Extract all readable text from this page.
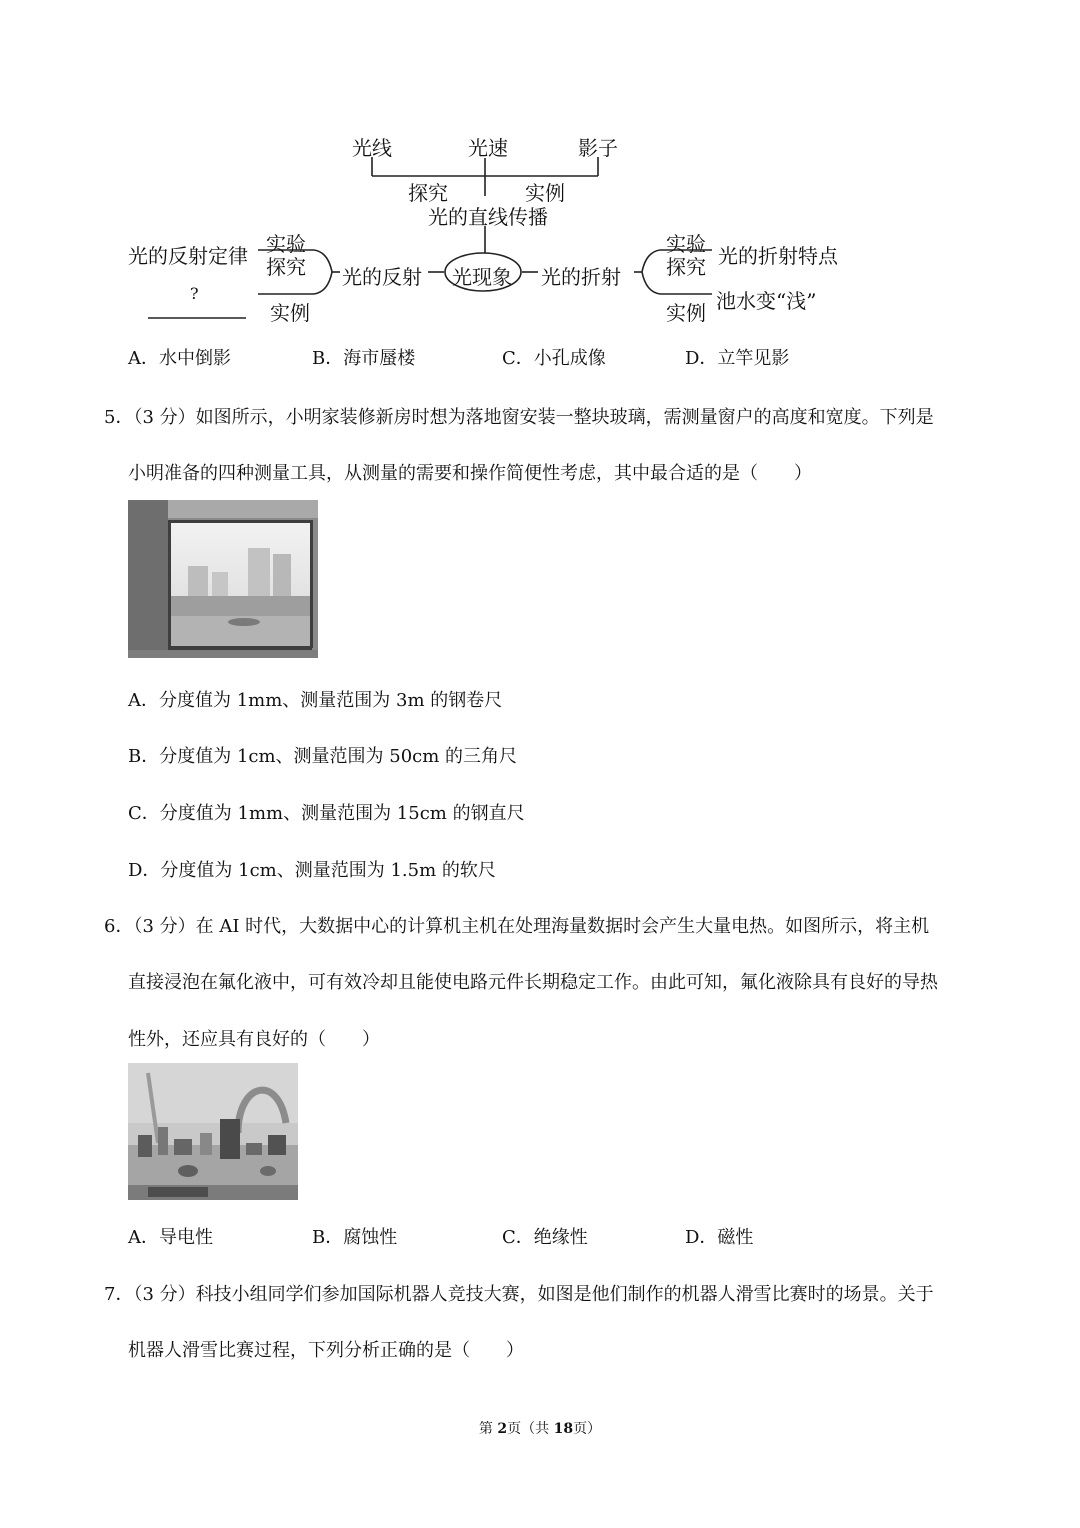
光线	光速	影子
探究	实例
光的直线传播
光的反射定律 实验
探究 光的反射 光现象 光的折射
?
实例
实验
探究 光的折射特点
实例 池水变“浅”
A．水中倒影	B．海市蜃楼	C．小孔成像	D．立竿见影
5．（3 分）如图所示，小明家装修新房时想为落地窗安装一整块玻璃，需测量窗户的高度和宽度。下列是
小明准备的四种测量工具，从测量的需要和操作简便性考虑，其中最合适的是（　　）
A．分度值为 1mm、测量范围为 3m 的钢卷尺
B．分度值为 1cm、测量范围为 50cm 的三角尺
C．分度值为 1mm、测量范围为 15cm 的钢直尺
D．分度值为 1cm、测量范围为 1.5m 的软尺
6．（3 分）在 AI 时代，大数据中心的计算机主机在处理海量数据时会产生大量电热。如图所示，将主机
直接浸泡在氟化液中，可有效冷却且能使电路元件长期稳定工作。由此可知，氟化液除具有良好的导热
性外，还应具有良好的（　　）
A．导电性	B．腐蚀性	C．绝缘性	D．磁性
7．（3 分）科技小组同学们参加国际机器人竞技大赛，如图是他们制作的机器人滑雪比赛时的场景。关于
机器人滑雪比赛过程，下列分析正确的是（　　）
第 2页（共 18页）
